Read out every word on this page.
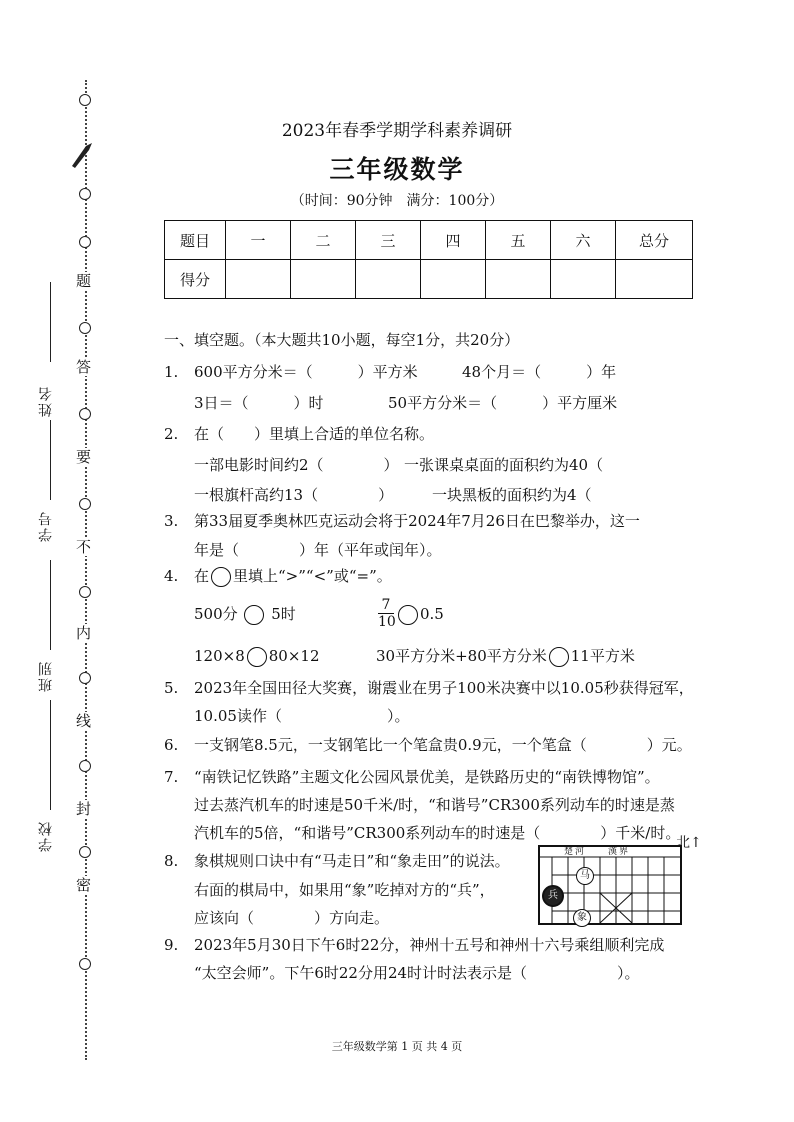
题
答
要
不
内
线
封
密
姓名
学号
班别
学校
2023年春季学期学科素养调研
三年级数学
（时间：90分钟　满分：100分）
题目	一	二	三	四	五	六	总分
得分							
一、填空题。（本大题共10小题，每空1分，共20分）
1. 600平方分米＝（　　　）平方米	48个月＝（　　　）年
3日＝（　　　）时	50平方分米＝（　　　）平方厘米
2. 在（　　）里填上合适的单位名称。
一部电影时间约2（　　　　） 一张课桌桌面的面积约为40（
一根旗杆高约13（　　　　）	一块黑板的面积约为4（
3. 第33届夏季奥林匹克运动会将于2024年7月26日在巴黎举办，这一
年是（　　　　）年（平年或闰年）。
4. 在 里填上“>”“<”或“=”。
500分 5时	$\frac{7}{10}$	0.5
120×8 80×12	30平方分米+80平方分米 11平方米
5. 2023年全国田径大奖赛，谢震业在男子100米决赛中以10.05秒获得冠军，
10.05读作（　　　　　　　）。
6. 一支钢笔8.5元，一支钢笔比一个笔盒贵0.9元，一个笔盒（　　　　）元。
7. “南铁记忆铁路”主题文化公园风景优美，是铁路历史的“南铁博物馆”。
过去蒸汽机车的时速是50千米/时，“和谐号”CR300系列动车的时速是蒸
汽机车的5倍，“和谐号”CR300系列动车的时速是（　　　　）千米/时。
8. 象棋规则口诀中有“马走日”和“象走田”的说法。
右面的棋局中，如果用“象”吃掉对方的“兵”，
应该向（　　　　）方向走。
北↑
楚河　　漢界
马
兵
象
9. 2023年5月30日下午6时22分，神州十五号和神州十六号乘组顺利完成
“太空会师”。下午6时22分用24时计时法表示是（　　　　　　）。
三年级数学第 1 页 共 4 页
